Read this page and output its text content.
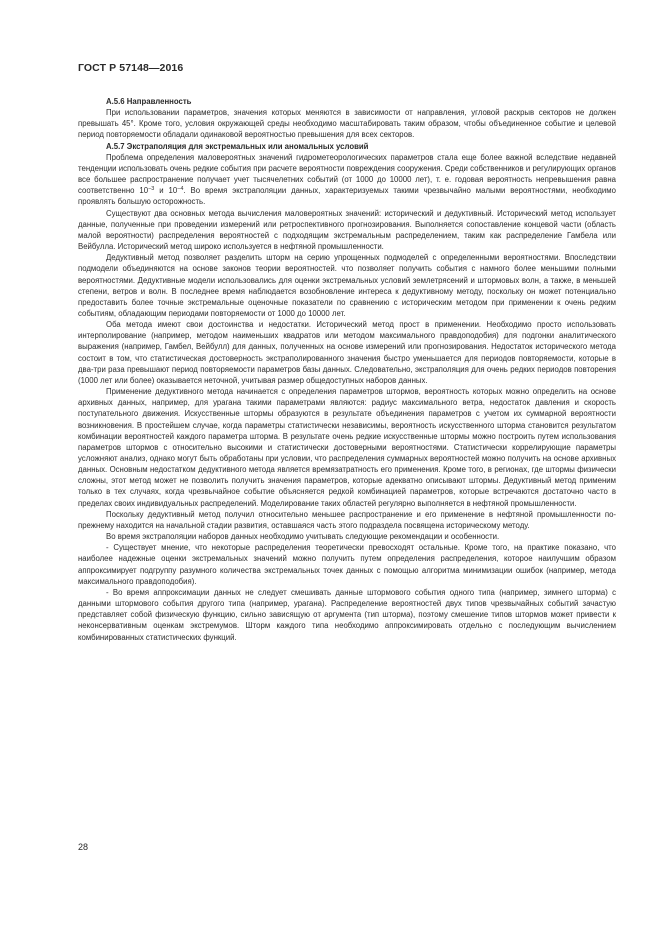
ГОСТ Р 57148—2016
А.5.6 Направленность

При использовании параметров, значения которых меняются в зависимости от направления, угловой раскрыв секторов не должен превышать 45°. Кроме того, условия окружающей среды необходимо масштабировать таким образом, чтобы объединенное событие и целевой период повторяемости обладали одинаковой вероятностью превышения для всех секторов.

А.5.7 Экстраполяция для экстремальных или аномальных условий

Проблема определения маловероятных значений гидрометеорологических параметров стала еще более важной вследствие недавней тенденции использовать очень редкие события при расчете вероятности повреждения сооружения. Среди собственников и регулирующих органов все большее распространение получает учет тысячелетних событий (от 1000 до 10000 лет), т. е. годовая вероятность непревышения равна соответственно $10^{-3}$ и $10^{-4}$. Во время экстраполяции данных, характеризуемых такими чрезвычайно малыми вероятностями, необходимо проявлять большую осторожность.

Существуют два основных метода вычисления маловероятных значений: исторический и дедуктивный. Исторический метод использует данные, полученные при проведении измерений или ретроспективного прогнозирования. Выполняется сопоставление концевой части (область малой вероятности) распределения вероятностей с подходящим экстремальным распределением, таким как распределение Гамбела или Вейбулла. Исторический метод широко используется в нефтяной промышленности.

Дедуктивный метод позволяет разделить шторм на серию упрощенных подмоделей с определенными вероятностями. Впоследствии подмодели объединяются на основе законов теории вероятностей. что позволяет получить события с намного более меньшими полными вероятностями. Дедуктивные модели использовались для оценки экстремальных условий землетрясений и штормовых волн, а также, в меньшей степени, ветров и волн. В последнее время наблюдается возобновление интереса к дедуктивному методу, поскольку он может потенциально предоставить более точные экстремальные оценочные показатели по сравнению с историческим методом при применении к очень редким событиям, обладающим периодами повторяемости от 1000 до 10000 лет.

Оба метода имеют свои достоинства и недостатки. Исторический метод прост в применении. Необходимо просто использовать интерполирование (например, методом наименьших квадратов или методом максимального правдоподобия) для подгонки аналитического выражения (например, Гамбел, Вейбулл) для данных, полученных на основе измерений или прогнозирования. Недостаток исторического метода состоит в том, что статистическая достоверность экстраполированного значения быстро уменьшается для периодов повторяемости, которые в два-три раза превышают период повторяемости параметров базы данных. Следовательно, экстраполяция для очень редких периодов повторения (1000 лет или более) оказывается неточной, учитывая размер общедоступных наборов данных.

Применение дедуктивного метода начинается с определения параметров штормов, вероятность которых можно определить на основе архивных данных, например, для урагана такими параметрами являются: радиус максимального ветра, недостаток давления и скорость поступательного движения. Искусственные штормы образуются в результате объединения параметров с учетом их суммарной вероятности возникновения. В простейшем случае, когда параметры статистически независимы, вероятность искусственного шторма становится результатом комбинации вероятностей каждого параметра шторма. В результате очень редкие искусственные штормы можно построить путем использования параметров штормов с относительно высокими и статистически достоверными вероятностями. Статистически коррелирующие параметры усложняют анализ, однако могут быть обработаны при условии, что распределения суммарных вероятностей можно получить на основе архивных данных. Основным недостатком дедуктивного метода является времязатратность его применения. Кроме того, в регионах, где штормы физически сложны, этот метод может не позволить получить значения параметров, которые адекватно описывают штормы. Дедуктивный метод применим только в тех случаях, когда чрезвычайное событие объясняется редкой комбинацией параметров, которые встречаются достаточно часто в пределах своих индивидуальных распределений. Моделирование таких областей регулярно выполняется в нефтяной промышленности.

Поскольку дедуктивный метод получил относительно меньшее распространение и его применение в нефтяной промышленности по-прежнему находится на начальной стадии развития, оставшаяся часть этого подраздела посвящена историческому методу.

Во время экстраполяции наборов данных необходимо учитывать следующие рекомендации и особенности.

- Существует мнение, что некоторые распределения теоретически превосходят остальные. Кроме того, на практике показано, что наиболее надежные оценки экстремальных значений можно получить путем определения распределения, которое наилучшим образом аппроксимирует подгруппу разумного количества экстремальных точек данных с помощью алгоритма минимизации ошибок (например, метода максимального правдоподобия).

- Во время аппроксимации данных не следует смешивать данные штормового события одного типа (например, зимнего шторма) с данными штормового события другого типа (например, урагана). Распределение вероятностей двух типов чрезвычайных событий зачастую представляет собой физическую функцию, сильно зависящую от аргумента (тип шторма), поэтому смешение типов штормов может привести к неконсервативным оценкам экстремумов. Шторм каждого типа необходимо аппроксимировать отдельно с последующим вычислением комбинированных статистических функций.

28
